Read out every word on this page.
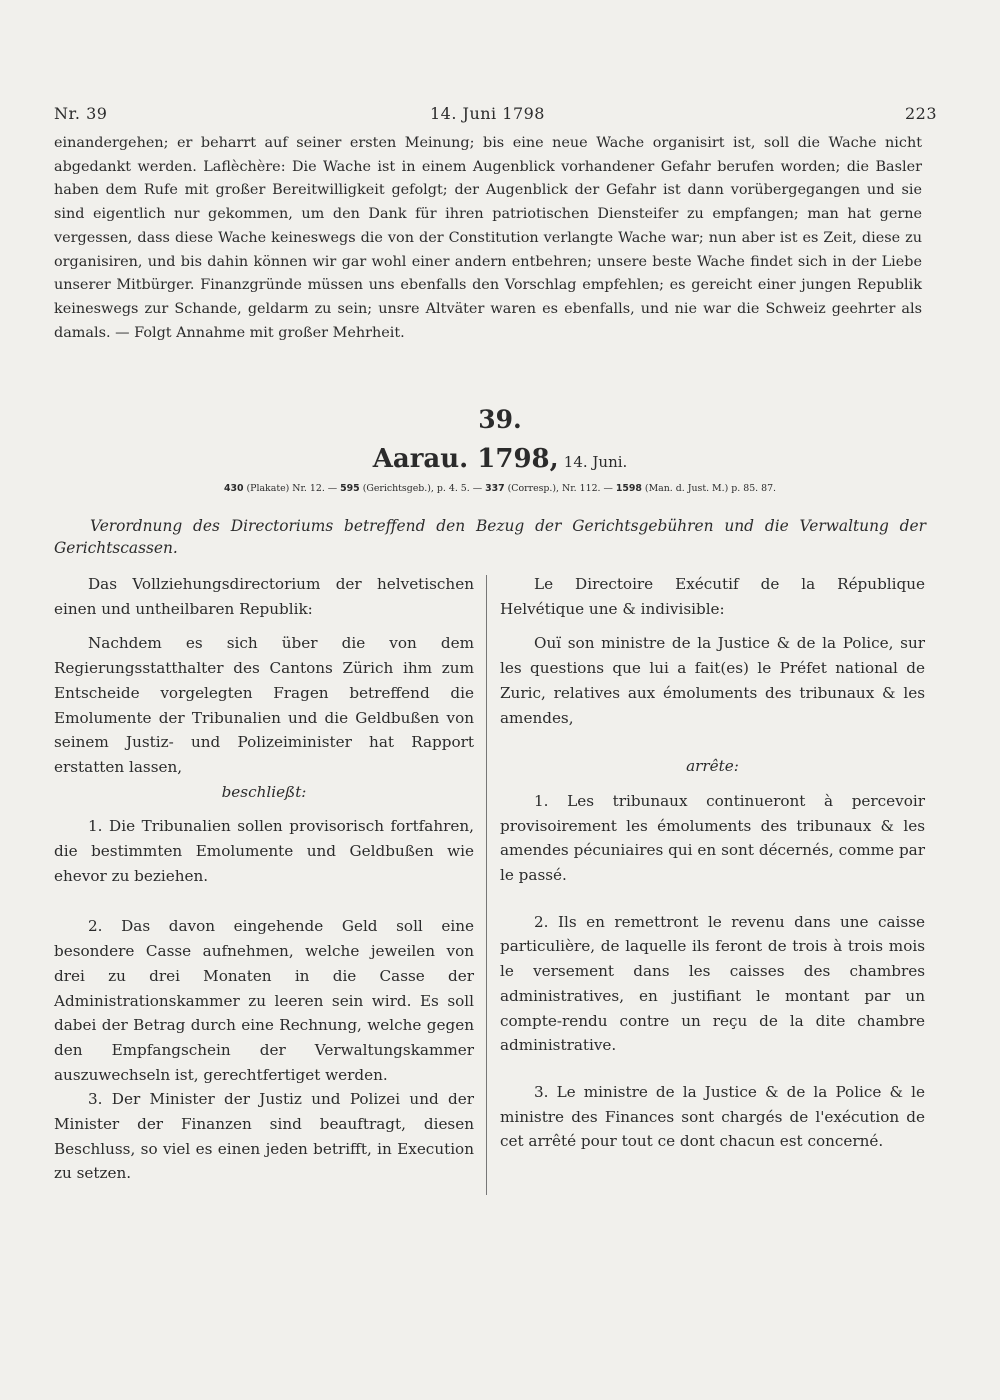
Nr. 39	14. Juni 1798	223

einandergehen; er beharrt auf seiner ersten Meinung; bis eine neue Wache organisirt ist, soll die Wache nicht abgedankt werden. Laflèchère: Die Wache ist in einem Augenblick vorhandener Gefahr berufen worden; die Basler haben dem Rufe mit großer Bereitwilligkeit gefolgt; der Augenblick der Gefahr ist dann vorübergegangen und sie sind eigentlich nur gekommen, um den Dank für ihren patriotischen Diensteifer zu empfangen; man hat gerne vergessen, dass diese Wache keineswegs die von der Constitution verlangte Wache war; nun aber ist es Zeit, diese zu organisiren, und bis dahin können wir gar wohl einer andern entbehren; unsere beste Wache findet sich in der Liebe unserer Mitbürger. Finanzgründe müssen uns ebenfalls den Vorschlag empfehlen; es gereicht einer jungen Republik keineswegs zur Schande, geldarm zu sein; unsre Altväter waren es ebenfalls, und nie war die Schweiz geehrter als damals. — Folgt Annahme mit großer Mehrheit.

39.
Aarau. 1798, 14. Juni.
430 (Plakate) Nr. 12. — 595 (Gerichtsgeb.), p. 4. 5. — 337 (Corresp.), Nr. 112. — 1598 (Man. d. Just. M.) p. 85. 87.

Verordnung des Directoriums betreffend den Bezug der Gerichtsgebühren und die Verwaltung der Gerichtscassen.

Das Vollziehungsdirectorium der helvetischen einen und untheilbaren Republik:

Nachdem es sich über die von dem Regierungsstatthalter des Cantons Zürich ihm zum Entscheide vorgelegten Fragen betreffend die Emolumente der Tribunalien und die Geldbußen von seinem Justiz- und Polizeiminister hat Rapport erstatten lassen,

beschließt:

1. Die Tribunalien sollen provisorisch fortfahren, die bestimmten Emolumente und Geldbußen wie ehevor zu beziehen.

2. Das davon eingehende Geld soll eine besondere Casse aufnehmen, welche jeweilen von drei zu drei Monaten in die Casse der Administrationskammer zu leeren sein wird. Es soll dabei der Betrag durch eine Rechnung, welche gegen den Empfangschein der Verwaltungskammer auszuwechseln ist, gerechtfertiget werden.

3. Der Minister der Justiz und Polizei und der Minister der Finanzen sind beauftragt, diesen Beschluss, so viel es einen jeden betrifft, in Execution zu setzen.

Le Directoire Exécutif de la République Helvétique une & indivisible:

Ouï son ministre de la Justice & de la Police, sur les questions que lui a fait(es) le Préfet national de Zuric, relatives aux émoluments des tribunaux & les amendes,

arrête:

1. Les tribunaux continueront à percevoir provisoirement les émoluments des tribunaux & les amendes pécuniaires qui en sont décernés, comme par le passé.

2. Ils en remettront le revenu dans une caisse particulière, de laquelle ils feront de trois à trois mois le versement dans les caisses des chambres administratives, en justifiant le montant par un compte-rendu contre un reçu de la dite chambre administrative.

3. Le ministre de la Justice & de la Police & le ministre des Finances sont chargés de l'exécution de cet arrêté pour tout ce dont chacun est concerné.
